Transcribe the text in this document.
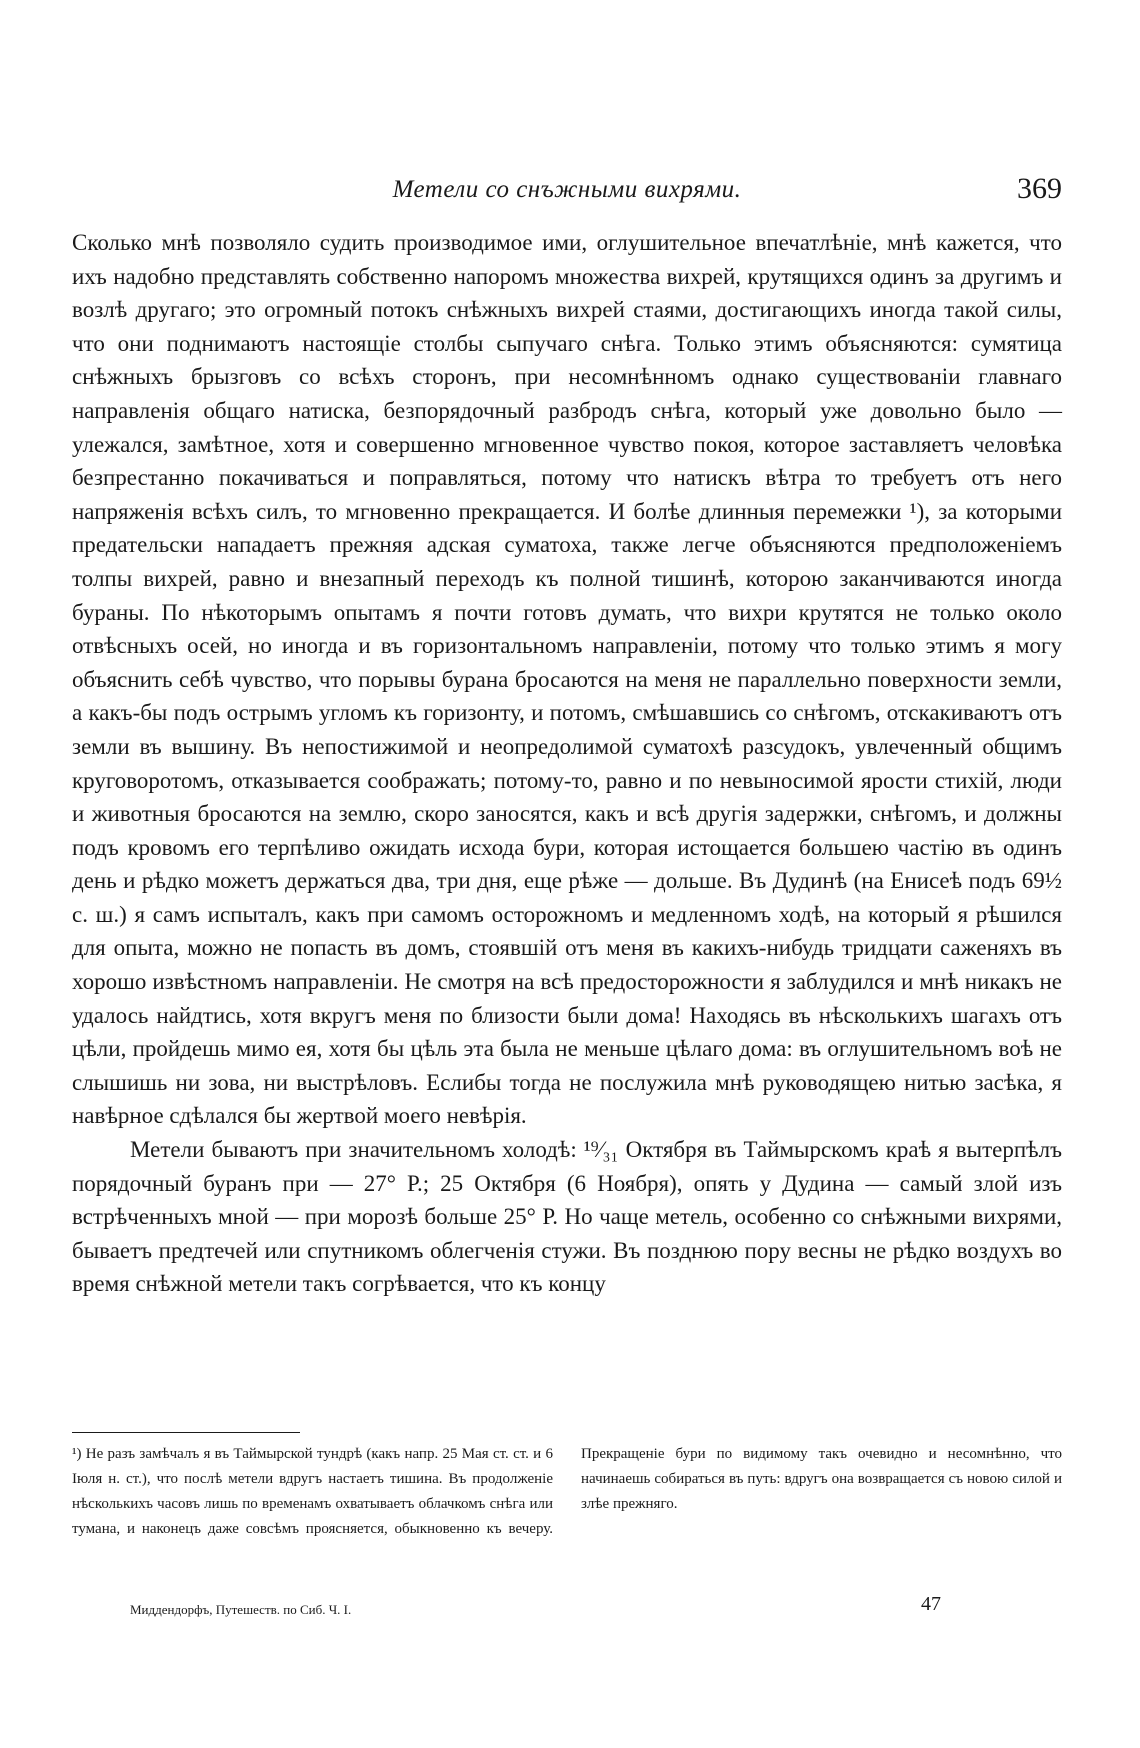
Метели со снъжными вихрями.	369

Сколько мнѣ позволяло судить производимое ими, оглушительное впечатлѣніе, мнѣ кажется, что ихъ надобно представлять собственно напоромъ множества вихрей, крутящихся одинъ за другимъ и возлѣ другаго; это огромный потокъ снѣжныхъ вихрей стаями, достигающихъ иногда такой силы, что они поднимаютъ настоящіе столбы сыпучаго снѣга. Только этимъ объясняются: сумятица снѣжныхъ брызговъ со всѣхъ сторонъ, при несомнѣнномъ однако существованіи главнаго направленія общаго натиска, безпорядочный разбродъ снѣга, который уже довольно было — улежался, замѣтное, хотя и совершенно мгновенное чувство покоя, которое заставляетъ человѣка безпрестанно покачиваться и поправляться, потому что натискъ вѣтра то требуетъ отъ него напряженія всѣхъ силъ, то мгновенно прекращается. И болѣе длинныя перемежки ¹), за которыми предательски нападаетъ прежняя адская суматоха, также легче объясняются предположеніемъ толпы вихрей, равно и внезапный переходъ къ полной тишинѣ, которою заканчиваются иногда бураны. По нѣкоторымъ опытамъ я почти готовъ думать, что вихри крутятся не только около отвѣсныхъ осей, но иногда и въ горизонтальномъ направленіи, потому что только этимъ я могу объяснить себѣ чувство, что порывы бурана бросаются на меня не параллельно поверхности земли, а какъ-бы подъ острымъ угломъ къ горизонту, и потомъ, смѣшавшись со снѣгомъ, отскакиваютъ отъ земли въ вышину. Въ непостижимой и неопредолимой суматохѣ разсудокъ, увлеченный общимъ круговоротомъ, отказывается соображать; потому-то, равно и по невыносимой ярости стихій, люди и животныя бросаются на землю, скоро заносятся, какъ и всѣ другія задержки, снѣгомъ, и должны подъ кровомъ его терпѣливо ожидать исхода бури, которая истощается большею частію въ одинъ день и рѣдко можетъ держаться два, три дня, еще рѣже — дольше. Въ Дудинѣ (на Енисеѣ подъ 69½ с. ш.) я самъ испыталъ, какъ при самомъ осторожномъ и медленномъ ходѣ, на который я рѣшился для опыта, можно не попасть въ домъ, стоявшій отъ меня въ какихъ-нибудь тридцати саженяхъ въ хорошо извѣстномъ направленіи. Не смотря на всѣ предосторожности я заблудился и мнѣ никакъ не удалось найдтись, хотя вкругъ меня по близости были дома! Находясь въ нѣсколькихъ шагахъ отъ цѣли, пройдешь мимо ея, хотя бы цѣль эта была не меньше цѣлаго дома: въ оглушительномъ воѣ не слышишь ни зова, ни выстрѣловъ. Еслибы тогда не послужила мнѣ руководящею нитью засѣка, я навѣрное сдѣлался бы жертвой моего невѣрія.

Метели бываютъ при значительномъ холодѣ: ¹⁹⁄₃₁ Октября въ Таймырскомъ краѣ я вытерпѣлъ порядочный буранъ при — 27° Р.; 25 Октября (6 Ноября), опять у Дудина — самый злой изъ встрѣченныхъ мной — при морозѣ больше 25° Р. Но чаще метель, особенно со снѣжными вихрями, бываетъ предтечей или спутникомъ облегченія стужи. Въ позднюю пору весны не рѣдко воздухъ во время снѣжной метели такъ согрѣвается, что къ концу

¹) Не разъ замѣчалъ я въ Таймырской тундрѣ (какъ напр. 25 Мая ст. ст. и 6 Іюля н. ст.), что послѣ метели вдругъ настаетъ тишина. Въ продолженіе нѣсколькихъ часовъ лишь по временамъ охватываетъ облачкомъ снѣга или тумана, и наконецъ даже совсѣмъ проясняется, обыкновенно къ вечеру. Прекращеніе бури по видимому такъ очевидно и несомнѣнно, что начинаешь собираться въ путь: вдругъ она возвращается съ новою силой и злѣе прежняго.

Миддендорфъ, Путешеств. по Сиб. Ч. I.	47
